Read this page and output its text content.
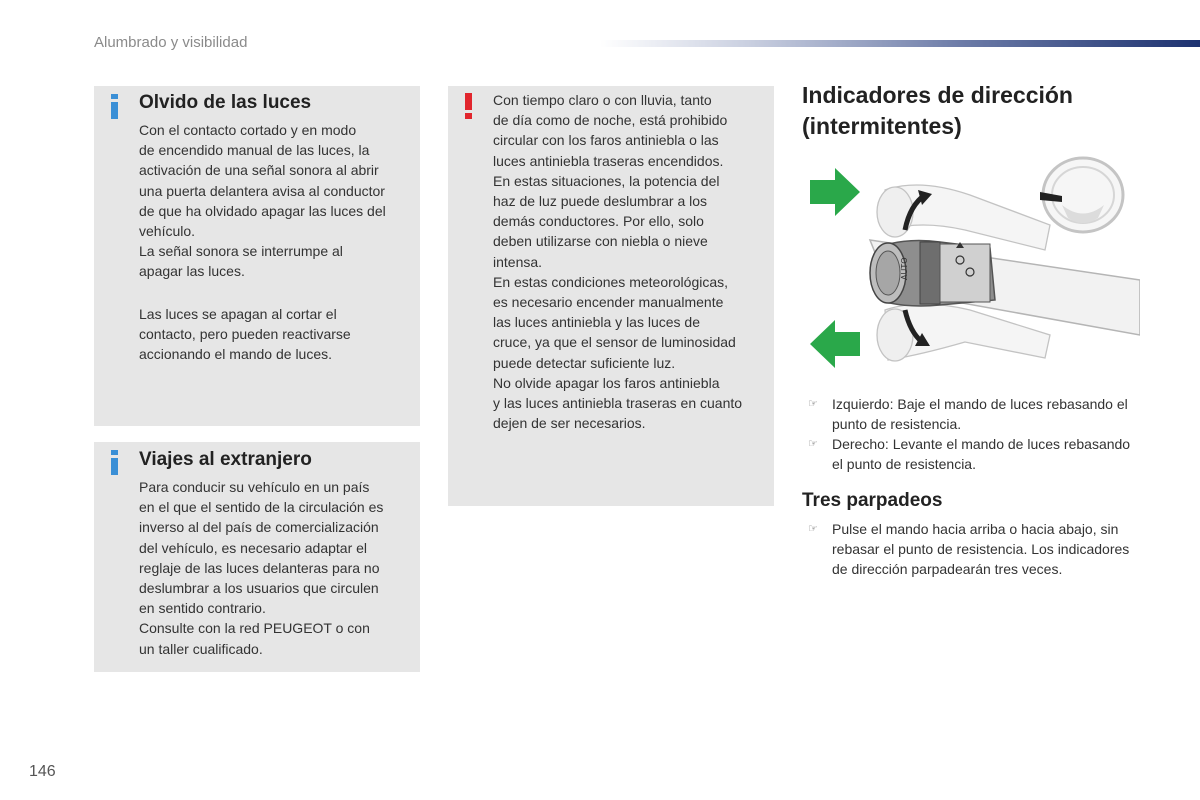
Alumbrado y visibilidad
Olvido de las luces
Con el contacto cortado y en modo
de encendido manual de las luces, la
activación de una señal sonora al abrir
una puerta delantera avisa al conductor
de que ha olvidado apagar las luces del
vehículo.
La señal sonora se interrumpe al
apagar las luces.
Las luces se apagan al cortar el
contacto, pero pueden reactivarse
accionando el mando de luces.
Viajes al extranjero
Para conducir su vehículo en un país
en el que el sentido de la circulación es
inverso al del país de comercialización
del vehículo, es necesario adaptar el
reglaje de las luces delanteras para no
deslumbrar a los usuarios que circulen
en sentido contrario.
Consulte con la red PEUGEOT o con
un taller cualificado.
Con tiempo claro o con lluvia, tanto
de día como de noche, está prohibido
circular con los faros antiniebla o las
luces antiniebla traseras encendidos.
En estas situaciones, la potencia del
haz de luz puede deslumbrar a los
demás conductores. Por ello, solo
deben utilizarse con niebla o nieve
intensa.
En estas condiciones meteorológicas,
es necesario encender manualmente
las luces antiniebla y las luces de
cruce, ya que el sensor de luminosidad
puede detectar suficiente luz.
No olvide apagar los faros antiniebla
y las luces antiniebla traseras en cuanto
dejen de ser necesarios.
Indicadores de dirección
(intermitentes)
AUTO
☞ Izquierdo: Baje el mando de luces rebasando el punto de resistencia.
☞ Derecho: Levante el mando de luces rebasando el punto de resistencia.
Tres parpadeos
☞ Pulse el mando hacia arriba o hacia abajo, sin rebasar el punto de resistencia. Los indicadores de dirección parpadearán tres veces.
146
